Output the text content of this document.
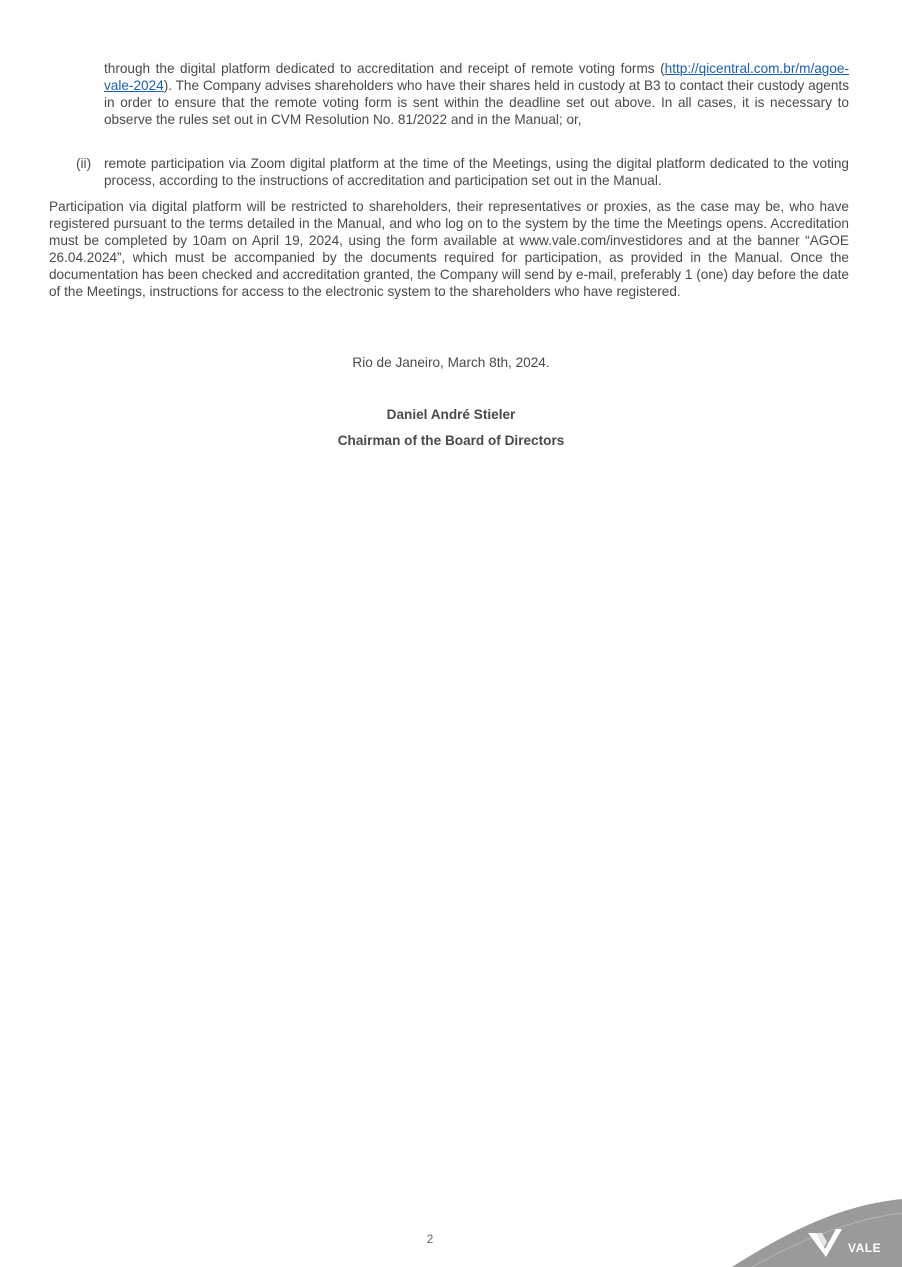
through the digital platform dedicated to accreditation and receipt of remote voting forms (http://qicentral.com.br/m/agoe-vale-2024). The Company advises shareholders who have their shares held in custody at B3 to contact their custody agents in order to ensure that the remote voting form is sent within the deadline set out above. In all cases, it is necessary to observe the rules set out in CVM Resolution No. 81/2022 and in the Manual; or,

(ii) remote participation via Zoom digital platform at the time of the Meetings, using the digital platform dedicated to the voting process, according to the instructions of accreditation and participation set out in the Manual.

Participation via digital platform will be restricted to shareholders, their representatives or proxies, as the case may be, who have registered pursuant to the terms detailed in the Manual, and who log on to the system by the time the Meetings opens. Accreditation must be completed by 10am on April 19, 2024, using the form available at www.vale.com/investidores and at the banner “AGOE 26.04.2024”, which must be accompanied by the documents required for participation, as provided in the Manual. Once the documentation has been checked and accreditation granted, the Company will send by e-mail, preferably 1 (one) day before the date of the Meetings, instructions for access to the electronic system to the shareholders who have registered.

Rio de Janeiro, March 8th, 2024.
Daniel André Stieler
Chairman of the Board of Directors
2
VALE
